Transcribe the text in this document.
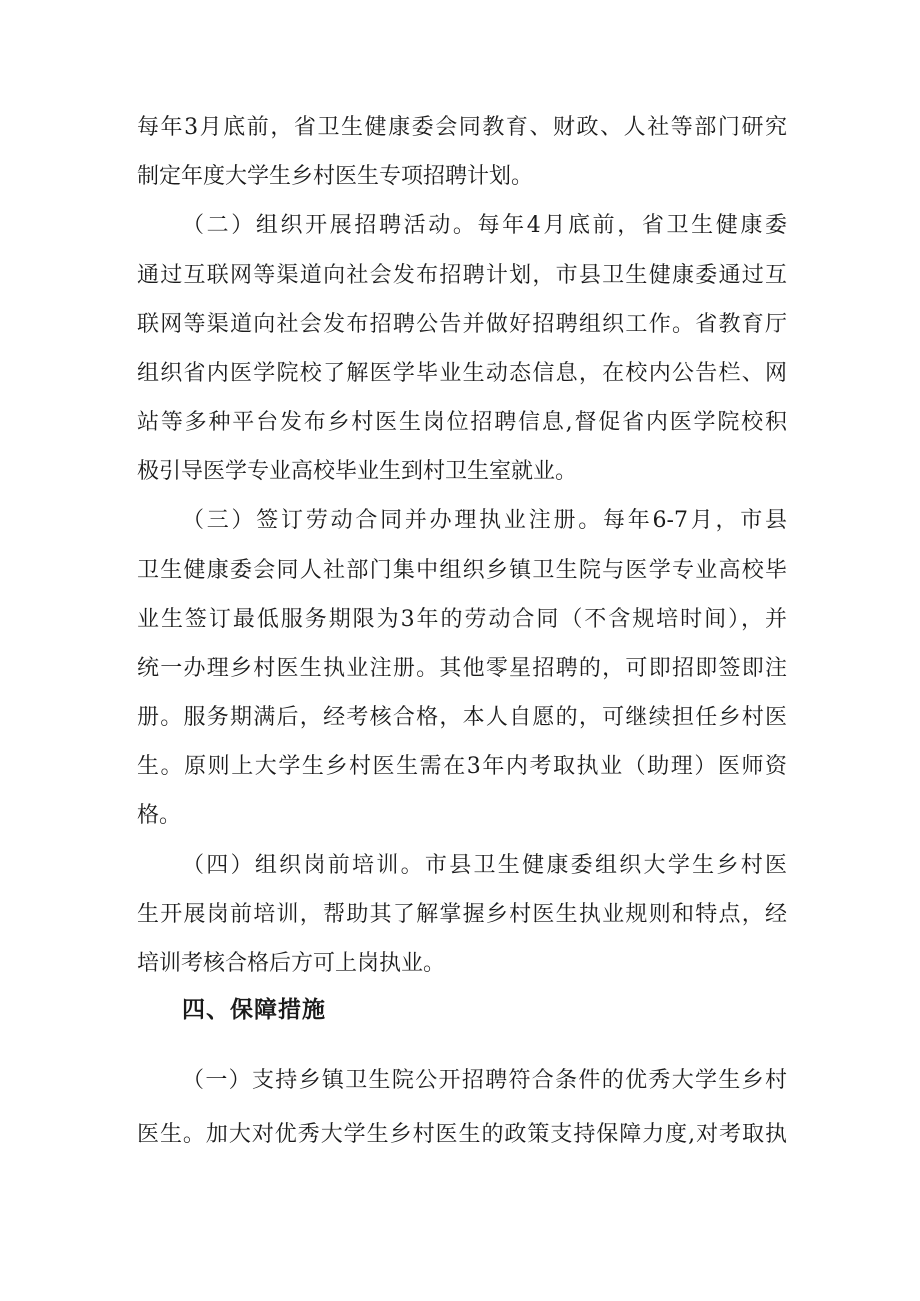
每年3月底前，省卫生健康委会同教育、财政、人社等部门研究
制定年度大学生乡村医生专项招聘计划。
（二）组织开展招聘活动。每年4月底前，省卫生健康委
通过互联网等渠道向社会发布招聘计划，市县卫生健康委通过互
联网等渠道向社会发布招聘公告并做好招聘组织工作。省教育厅
组织省内医学院校了解医学毕业生动态信息，在校内公告栏、网
站等多种平台发布乡村医生岗位招聘信息,督促省内医学院校积
极引导医学专业高校毕业生到村卫生室就业。
（三）签订劳动合同并办理执业注册。每年6-7月，市县
卫生健康委会同人社部门集中组织乡镇卫生院与医学专业高校毕
业生签订最低服务期限为3年的劳动合同（不含规培时间），并
统一办理乡村医生执业注册。其他零星招聘的，可即招即签即注
册。服务期满后，经考核合格，本人自愿的，可继续担任乡村医
生。原则上大学生乡村医生需在3年内考取执业（助理）医师资
格。
（四）组织岗前培训。市县卫生健康委组织大学生乡村医
生开展岗前培训，帮助其了解掌握乡村医生执业规则和特点，经
培训考核合格后方可上岗执业。
四、保障措施
（一）支持乡镇卫生院公开招聘符合条件的优秀大学生乡村
医生。加大对优秀大学生乡村医生的政策支持保障力度,对考取执
